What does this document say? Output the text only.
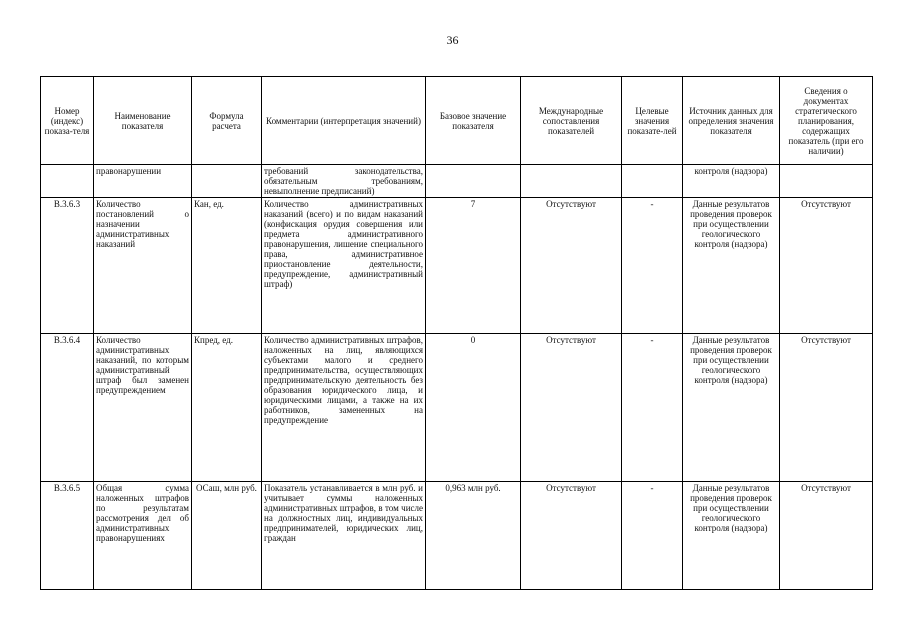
36
Номер (индекс) показа-теля	Наименование показателя	Формула расчета	Комментарии (интерпретация значений)	Базовое значение показателя	Международные сопоставления показателей	Целевые значения показате-лей	Источник данных для определения значения показателя	Сведения о документах стратегического планирования, содержащих показатель (при его наличии)
	правонарушении		требований законодательства, обязательным требованиям, невыполнение предписаний)				контроля (надзора)	
В.3.6.3	Количество постановлений о назначении административных наказаний	Кан, ед.	Количество административных наказаний (всего) и по видам наказаний (конфискация орудия совершения или предмета административного правонарушения, лишение специального права, административное приостановление деятельности, предупреждение, административный штраф)	7	Отсутствуют	-	Данные результатов проведения проверок при осуществлении геологического контроля (надзора)	Отсутствуют
В.3.6.4	Количество административных наказаний, по которым административный штраф был заменен предупреждением	Кпред, ед.	Количество административных штрафов, наложенных на лиц, являющихся субъектами малого и среднего предпринимательства, осуществляющих предпринимательскую деятельность без образования юридического лица, и юридическими лицами, а также на их работников, замененных на предупреждение	0	Отсутствуют	-	Данные результатов проведения проверок при осуществлении геологического контроля (надзора)	Отсутствуют
В.3.6.5	Общая сумма наложенных штрафов по результатам рассмотрения дел об административных правонарушениях	ОСаш, млн руб.	Показатель устанавливается в млн руб. и учитывает суммы наложенных административных штрафов, в том числе на должностных лиц, индивидуальных предпринимателей, юридических лиц, граждан	0,963 млн руб.	Отсутствуют	-	Данные результатов проведения проверок при осуществлении геологического контроля (надзора)	Отсутствуют
